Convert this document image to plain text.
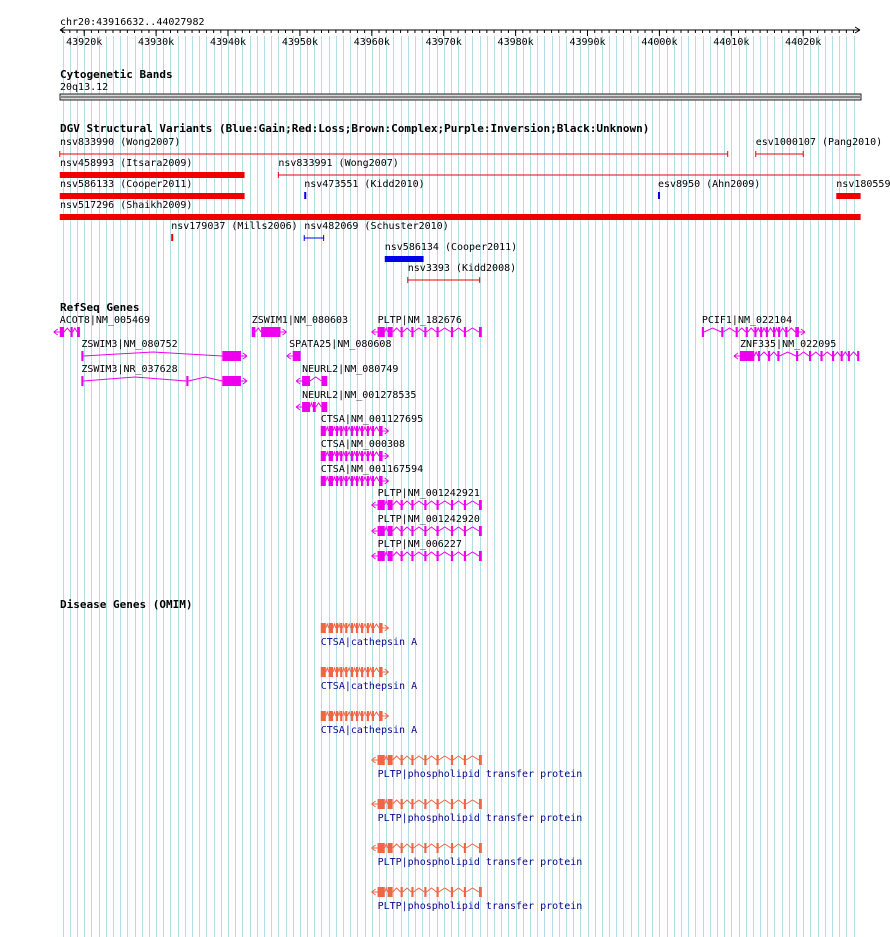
chr20:43916632..44027982
43920k	43930k	43940k	43950k	43960k	43970k	43980k	43990k	44000k	44010k	44020k
Cytogenetic Bands
20q13.12
DGV Structural Variants (Blue:Gain;Red:Loss;Brown:Complex;Purple:Inversion;Black:Unknown)
nsv833990 (Wong2007)	esv1000107 (Pang2010)
nsv458993 (Itsara2009)	nsv833991 (Wong2007)
nsv586133 (Cooper2011)	nsv473551 (Kidd2010)	esv8950 (Ahn2009)	nsv180559
nsv517296 (Shaikh2009)
nsv179037 (Mills2006) nsv482069 (Schuster2010)
nsv586134 (Cooper2011)
nsv3393 (Kidd2008)
RefSeq Genes
ACOT8|NM_005469	ZSWIM1|NM_080603	PLTP|NM_182676	PCIF1|NM_022104
ZSWIM3|NM_080752	SPATA25|NM_080608	ZNF335|NM_022095
ZSWIM3|NR_037628	NEURL2|NM_080749
NEURL2|NM_001278535
CTSA|NM_001127695
CTSA|NM_000308
CTSA|NM_001167594
PLTP|NM_001242921
PLTP|NM_001242920
PLTP|NM_006227
Disease Genes (OMIM)
CTSA|cathepsin A
CTSA|cathepsin A
CTSA|cathepsin A
PLTP|phospholipid transfer protein
PLTP|phospholipid transfer protein
PLTP|phospholipid transfer protein
PLTP|phospholipid transfer protein
